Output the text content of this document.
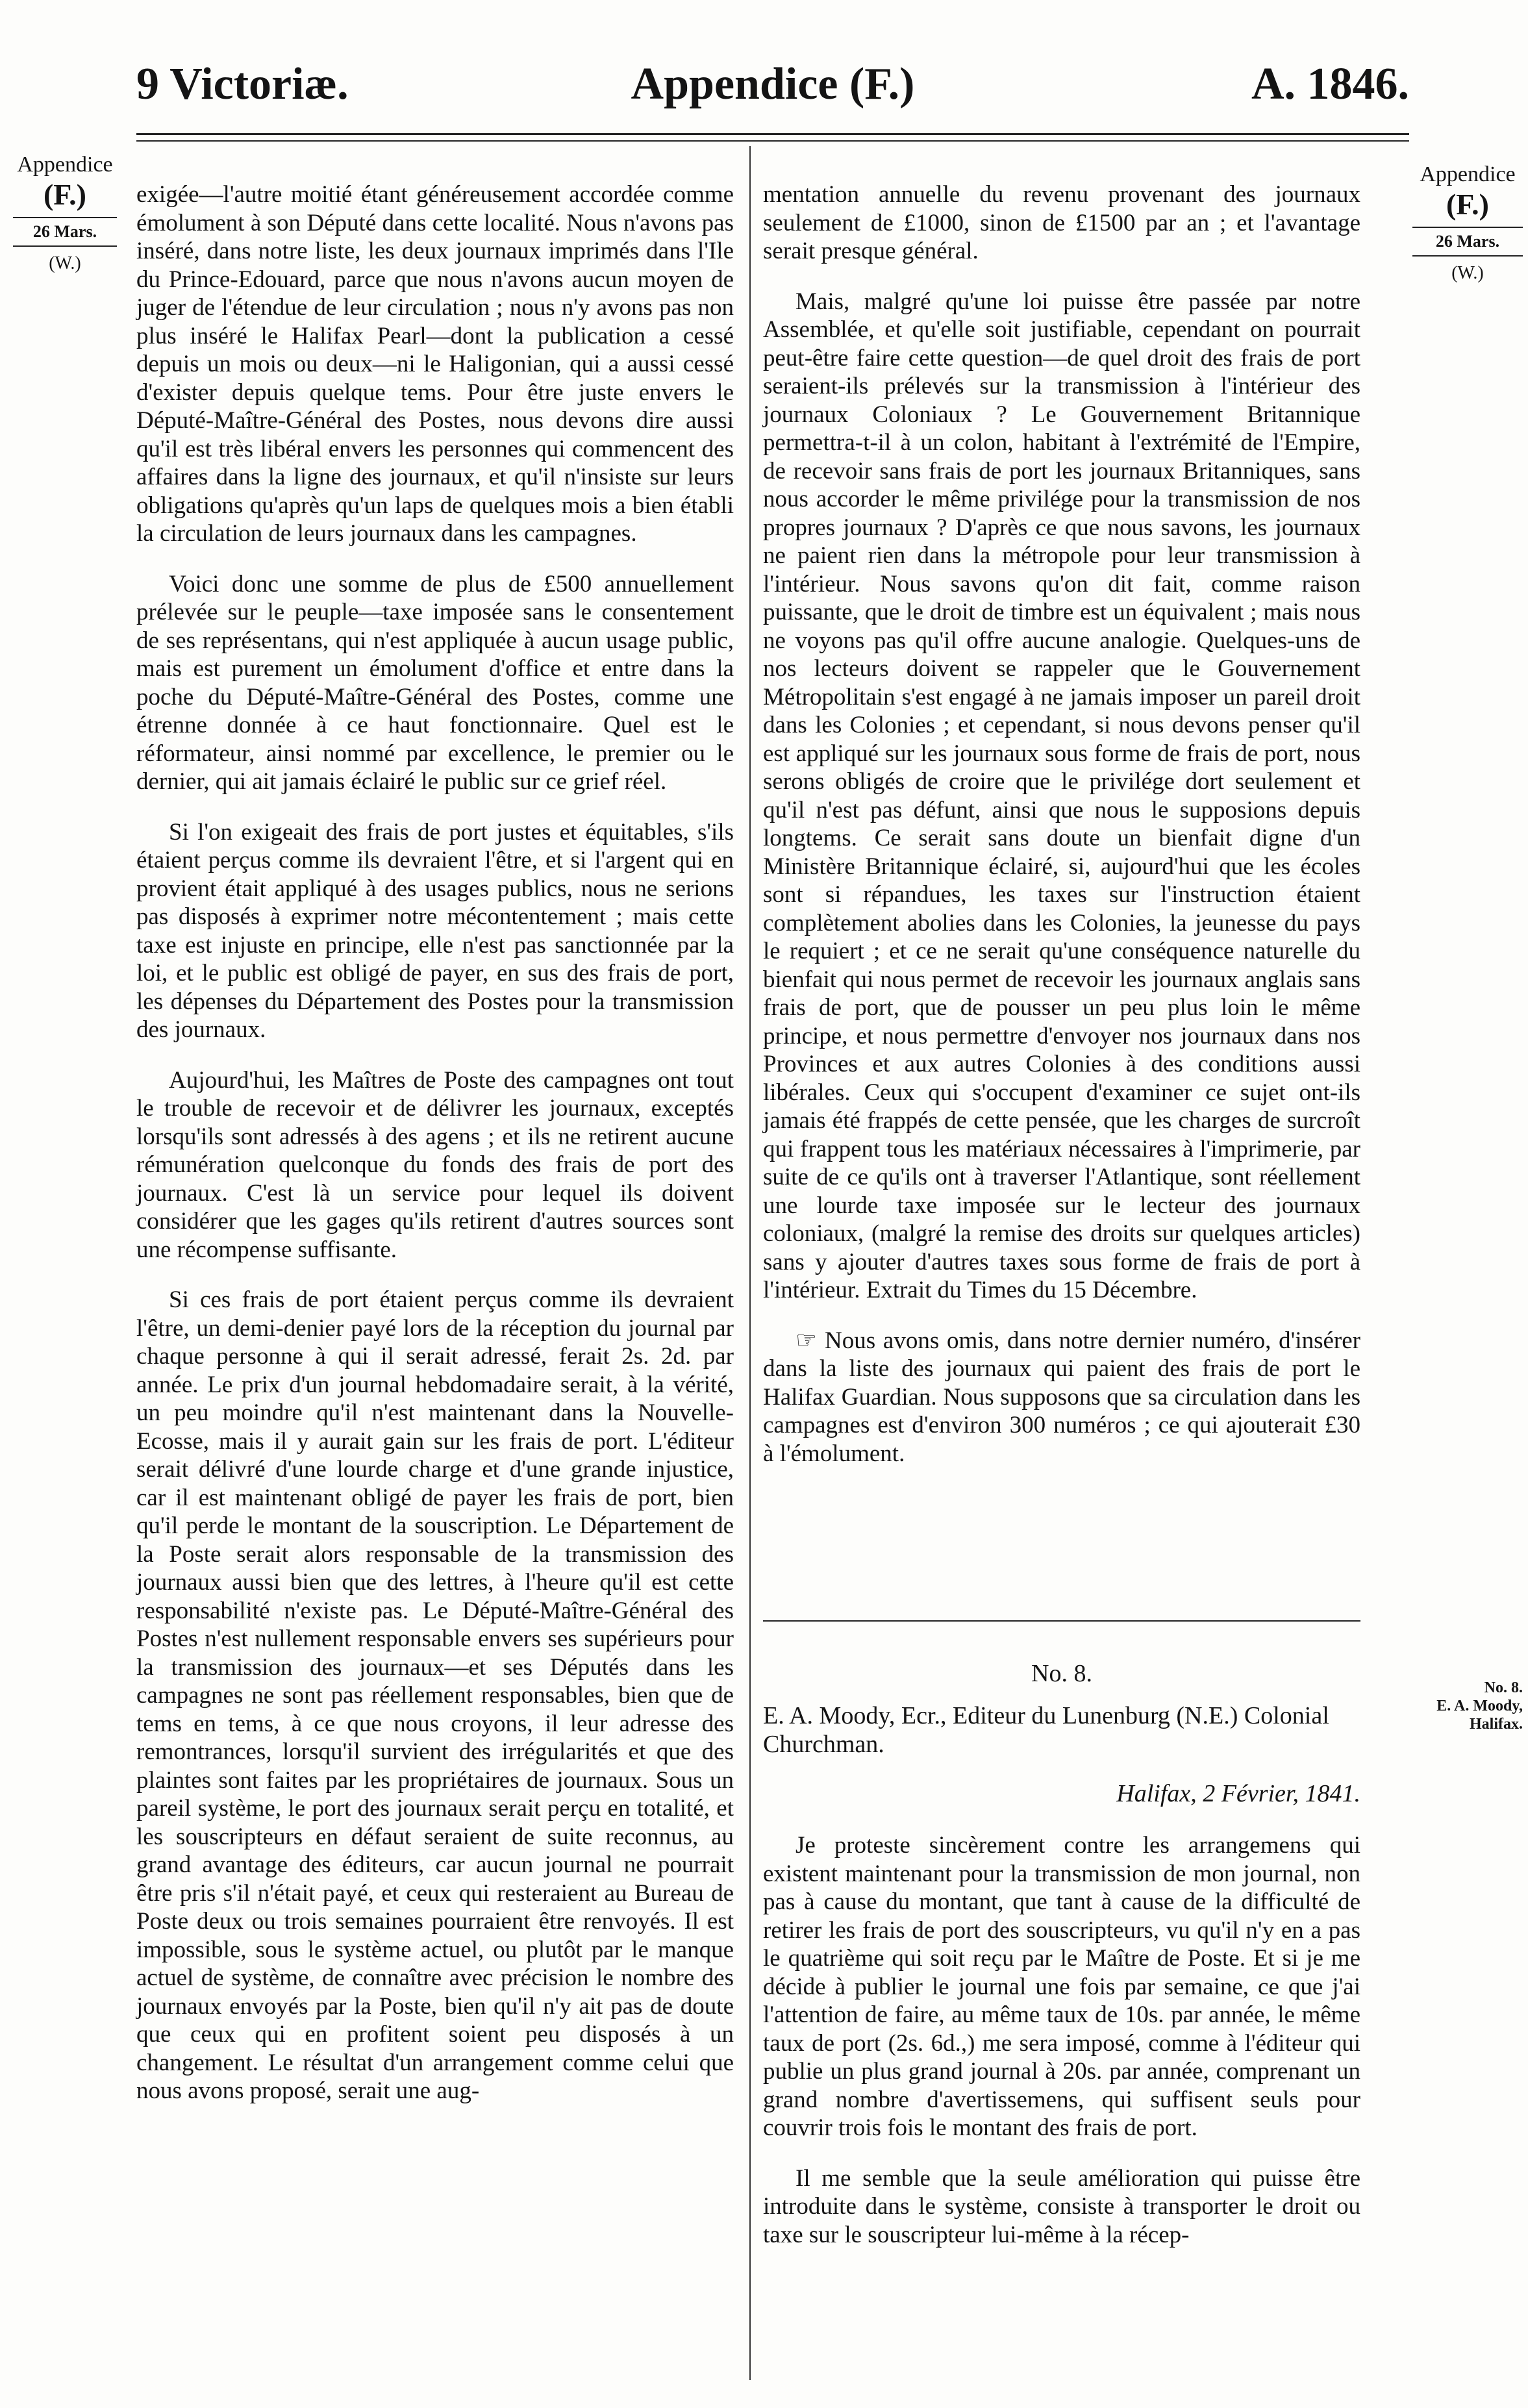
9 Victoriæ.	Appendice (F.)	A. 1846.
Appendice
(F.)
26 Mars.
(W.)
Appendice
(F.)
26 Mars.
(W.)

exigée—l'autre moitié étant généreusement accordée comme émolument à son Député dans cette localité. Nous n'avons pas inséré, dans notre liste, les deux journaux imprimés dans l'Ile du Prince-Edouard, parce que nous n'avons aucun moyen de juger de l'étendue de leur circulation ; nous n'y avons pas non plus inséré le Halifax Pearl—dont la publication a cessé depuis un mois ou deux—ni le Haligonian, qui a aussi cessé d'exister depuis quelque tems. Pour être juste envers le Député-Maître-Général des Postes, nous devons dire aussi qu'il est très libéral envers les personnes qui commencent des affaires dans la ligne des journaux, et qu'il n'insiste sur leurs obligations qu'après qu'un laps de quelques mois a bien établi la circulation de leurs journaux dans les campagnes.

Voici donc une somme de plus de £500 annuellement prélevée sur le peuple—taxe imposée sans le consentement de ses représentans, qui n'est appliquée à aucun usage public, mais est purement un émolument d'office et entre dans la poche du Député-Maître-Général des Postes, comme une étrenne donnée à ce haut fonctionnaire. Quel est le réformateur, ainsi nommé par excellence, le premier ou le dernier, qui ait jamais éclairé le public sur ce grief réel.

Si l'on exigeait des frais de port justes et équitables, s'ils étaient perçus comme ils devraient l'être, et si l'argent qui en provient était appliqué à des usages publics, nous ne serions pas disposés à exprimer notre mécontentement ; mais cette taxe est injuste en principe, elle n'est pas sanctionnée par la loi, et le public est obligé de payer, en sus des frais de port, les dépenses du Département des Postes pour la transmission des journaux.

Aujourd'hui, les Maîtres de Poste des campagnes ont tout le trouble de recevoir et de délivrer les journaux, exceptés lorsqu'ils sont adressés à des agens ; et ils ne retirent aucune rémunération quelconque du fonds des frais de port des journaux. C'est là un service pour lequel ils doivent considérer que les gages qu'ils retirent d'autres sources sont une récompense suffisante.

Si ces frais de port étaient perçus comme ils devraient l'être, un demi-denier payé lors de la réception du journal par chaque personne à qui il serait adressé, ferait 2s. 2d. par année. Le prix d'un journal hebdomadaire serait, à la vérité, un peu moindre qu'il n'est maintenant dans la Nouvelle-Ecosse, mais il y aurait gain sur les frais de port. L'éditeur serait délivré d'une lourde charge et d'une grande injustice, car il est maintenant obligé de payer les frais de port, bien qu'il perde le montant de la souscription. Le Département de la Poste serait alors responsable de la transmission des journaux aussi bien que des lettres, à l'heure qu'il est cette responsabilité n'existe pas. Le Député-Maître-Général des Postes n'est nullement responsable envers ses supérieurs pour la transmission des journaux—et ses Députés dans les campagnes ne sont pas réellement responsables, bien que de tems en tems, à ce que nous croyons, il leur adresse des remontrances, lorsqu'il survient des irrégularités et que des plaintes sont faites par les propriétaires de journaux. Sous un pareil système, le port des journaux serait perçu en totalité, et les souscripteurs en défaut seraient de suite reconnus, au grand avantage des éditeurs, car aucun journal ne pourrait être pris s'il n'était payé, et ceux qui resteraient au Bureau de Poste deux ou trois semaines pourraient être renvoyés. Il est impossible, sous le système actuel, ou plutôt par le manque actuel de système, de connaître avec précision le nombre des journaux envoyés par la Poste, bien qu'il n'y ait pas de doute que ceux qui en profitent soient peu disposés à un changement. Le résultat d'un arrangement comme celui que nous avons proposé, serait une aug-

mentation annuelle du revenu provenant des journaux seulement de £1000, sinon de £1500 par an ; et l'avantage serait presque général.

Mais, malgré qu'une loi puisse être passée par notre Assemblée, et qu'elle soit justifiable, cependant on pourrait peut-être faire cette question—de quel droit des frais de port seraient-ils prélevés sur la transmission à l'intérieur des journaux Coloniaux ? Le Gouvernement Britannique permettra-t-il à un colon, habitant à l'extrémité de l'Empire, de recevoir sans frais de port les journaux Britanniques, sans nous accorder le même privilége pour la transmission de nos propres journaux ? D'après ce que nous savons, les journaux ne paient rien dans la métropole pour leur transmission à l'intérieur. Nous savons qu'on dit fait, comme raison puissante, que le droit de timbre est un équivalent ; mais nous ne voyons pas qu'il offre aucune analogie. Quelques-uns de nos lecteurs doivent se rappeler que le Gouvernement Métropolitain s'est engagé à ne jamais imposer un pareil droit dans les Colonies ; et cependant, si nous devons penser qu'il est appliqué sur les journaux sous forme de frais de port, nous serons obligés de croire que le privilége dort seulement et qu'il n'est pas défunt, ainsi que nous le supposions depuis longtems. Ce serait sans doute un bienfait digne d'un Ministère Britannique éclairé, si, aujourd'hui que les écoles sont si répandues, les taxes sur l'instruction étaient complètement abolies dans les Colonies, la jeunesse du pays le requiert ; et ce ne serait qu'une conséquence naturelle du bienfait qui nous permet de recevoir les journaux anglais sans frais de port, que de pousser un peu plus loin le même principe, et nous permettre d'envoyer nos journaux dans nos Provinces et aux autres Colonies à des conditions aussi libérales. Ceux qui s'occupent d'examiner ce sujet ont-ils jamais été frappés de cette pensée, que les charges de surcroît qui frappent tous les matériaux nécessaires à l'imprimerie, par suite de ce qu'ils ont à traverser l'Atlantique, sont réellement une lourde taxe imposée sur le lecteur des journaux coloniaux, (malgré la remise des droits sur quelques articles) sans y ajouter d'autres taxes sous forme de frais de port à l'intérieur. Extrait du Times du 15 Décembre.

☞ Nous avons omis, dans notre dernier numéro, d'insérer dans la liste des journaux qui paient des frais de port le Halifax Guardian. Nous supposons que sa circulation dans les campagnes est d'environ 300 numéros ; ce qui ajouterait £30 à l'émolument.

No. 8.
E. A. Moody, Ecr., Editeur du Lunenburg (N.E.) Colonial Churchman.
Halifax, 2 Février, 1841.

Je proteste sincèrement contre les arrangemens qui existent maintenant pour la transmission de mon journal, non pas à cause du montant, que tant à cause de la difficulté de retirer les frais de port des souscripteurs, vu qu'il n'y en a pas le quatrième qui soit reçu par le Maître de Poste. Et si je me décide à publier le journal une fois par semaine, ce que j'ai l'attention de faire, au même taux de 10s. par année, le même taux de port (2s. 6d.,) me sera imposé, comme à l'éditeur qui publie un plus grand journal à 20s. par année, comprenant un grand nombre d'avertissemens, qui suffisent seuls pour couvrir trois fois le montant des frais de port.

Il me semble que la seule amélioration qui puisse être introduite dans le système, consiste à transporter le droit ou taxe sur le souscripteur lui-même à la récep-

No. 8.
E. A. Moody,
Halifax.
